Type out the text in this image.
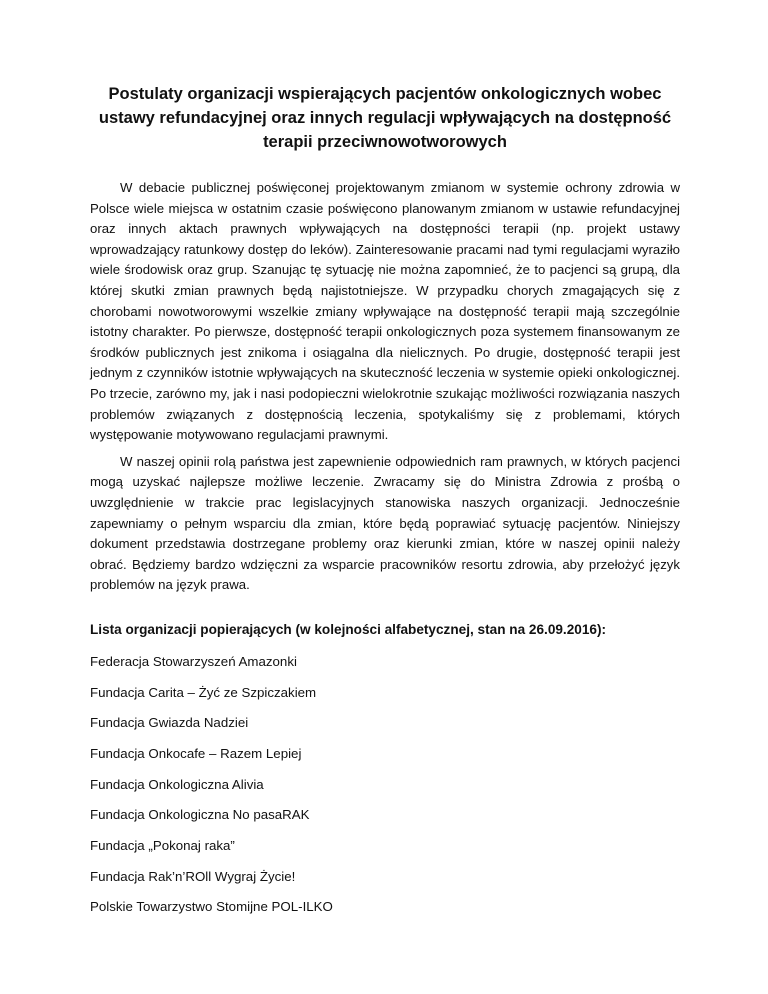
Postulaty organizacji wspierających pacjentów onkologicznych wobec ustawy refundacyjnej oraz innych regulacji wpływających na dostępność terapii przeciwnowotworowych

W debacie publicznej poświęconej projektowanym zmianom w systemie ochrony zdrowia w Polsce wiele miejsca w ostatnim czasie poświęcono planowanym zmianom w ustawie refundacyjnej oraz innych aktach prawnych wpływających na dostępności terapii (np. projekt ustawy wprowadzający ratunkowy dostęp do leków). Zainteresowanie pracami nad tymi regulacjami wyraziło wiele środowisk oraz grup. Szanując tę sytuację nie można zapomnieć, że to pacjenci są grupą, dla której skutki zmian prawnych będą najistotniejsze. W przypadku chorych zmagających się z chorobami nowotworowymi wszelkie zmiany wpływające na dostępność terapii mają szczególnie istotny charakter. Po pierwsze, dostępność terapii onkologicznych poza systemem finansowanym ze środków publicznych jest znikoma i osiągalna dla nielicznych. Po drugie, dostępność terapii jest jednym z czynników istotnie wpływających na skuteczność leczenia w systemie opieki onkologicznej. Po trzecie, zarówno my, jak i nasi podopieczni wielokrotnie szukając możliwości rozwiązania naszych problemów związanych z dostępnością leczenia, spotykaliśmy się z problemami, których występowanie motywowano regulacjami prawnymi.

W naszej opinii rolą państwa jest zapewnienie odpowiednich ram prawnych, w których pacjenci mogą uzyskać najlepsze możliwe leczenie. Zwracamy się do Ministra Zdrowia z prośbą o uwzględnienie w trakcie prac legislacyjnych stanowiska naszych organizacji. Jednocześnie zapewniamy o pełnym wsparciu dla zmian, które będą poprawiać sytuację pacjentów. Niniejszy dokument przedstawia dostrzegane problemy oraz kierunki zmian, które w naszej opinii należy obrać. Będziemy bardzo wdzięczni za wsparcie pracowników resortu zdrowia, aby przełożyć język problemów na język prawa.

Lista organizacji popierających (w kolejności alfabetycznej, stan na 26.09.2016):

Federacja Stowarzyszeń Amazonki
Fundacja Carita – Żyć ze Szpiczakiem
Fundacja Gwiazda Nadziei
Fundacja Onkocafe – Razem Lepiej
Fundacja Onkologiczna Alivia
Fundacja Onkologiczna No pasaRAK
Fundacja „Pokonaj raka”
Fundacja Rak’n’ROll Wygraj Życie!
Polskie Towarzystwo Stomijne POL-ILKO
